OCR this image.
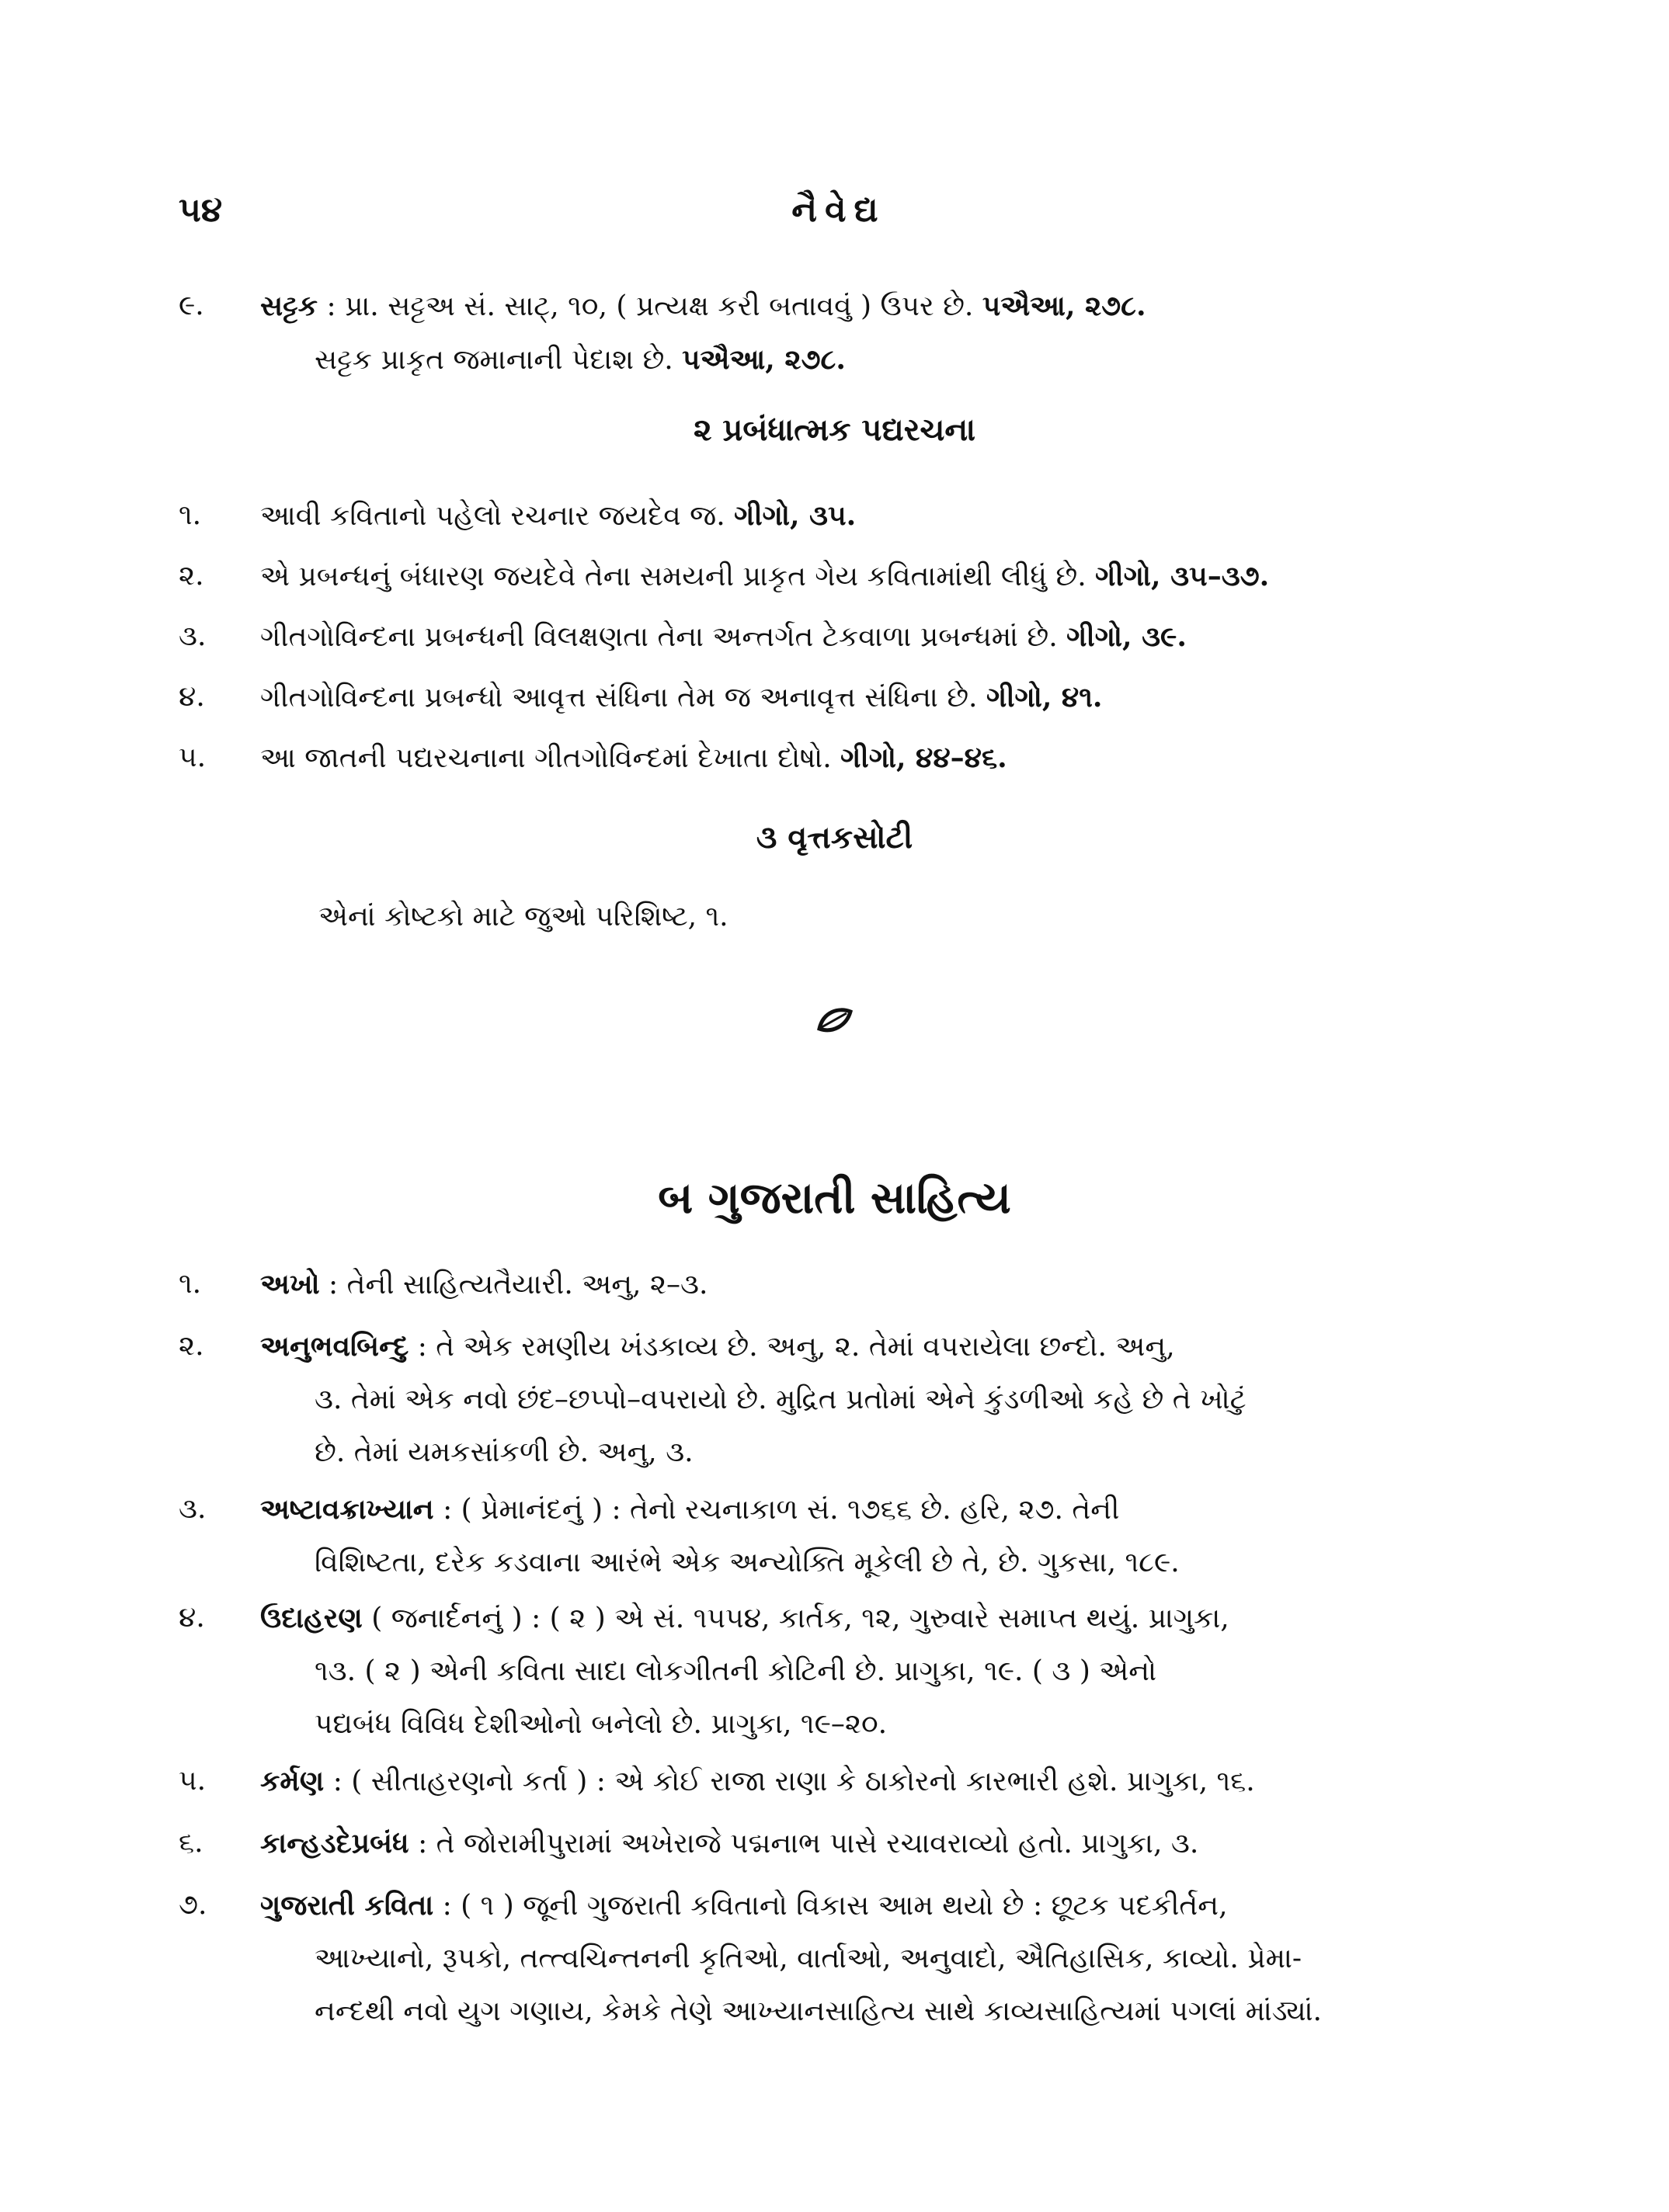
૫૪	નૈવેદ્ય
૯.	સટ્ટક : પ્રા. સટ્ટઅ સં. સાટ્, ૧૦, ( પ્રત્યક્ષ કરી બતાવવું ) ઉપર છે. પઐઆ, ૨૭૮.
સટ્ટક પ્રાકૃત જમાનાની પેદાશ છે. પઐઆ, ૨૭૮.
૨ પ્રબંધાત્મક પદ્યરચના
૧.	આવી કવિતાનો પહેલો રચનાર જયદેવ જ. ગીગો, ૩૫.
૨.	એ પ્રબન્ધનું બંધારણ જયદેવે તેના સમયની પ્રાકૃત ગેય કવિતામાંથી લીધું છે. ગીગો, ૩૫–૩૭.
૩.	ગીતગોવિન્દના પ્રબન્ધની વિલક્ષણતા તેના અન્તર્ગત ટેકવાળા પ્રબન્ધમાં છે. ગીગો, ૩૯.
૪.	ગીતગોવિન્દના પ્રબન્ધો આવૃત્ત સંધિના તેમ જ અનાવૃત્ત સંધિના છે. ગીગો, ૪૧.
૫.	આ જાતની પદ્યરચનાના ગીતગોવિન્દમાં દેખાતા દોષો. ગીગો, ૪૪–૪૬.
૩ વૃત્તકસોટી
એનાં કોષ્ટકો માટે જુઓ પરિશિષ્ટ, ૧.
બ ગુજરાતી સાહિત્ય
૧.	અખો : તેની સાહિત્યતૈયારી. અનુ, ૨–૩.
૨.	અનુભવબિન્દુ : તે એક રમણીય ખંડકાવ્ય છે. અનુ, ૨. તેમાં વપરાયેલા છન્દો. અનુ,
૩. તેમાં એક નવો છંદ–છપ્પો–વપરાયો છે. મુદ્રિત પ્રતોમાં એને કુંડળીઓ કહે છે તે ખોટું
છે. તેમાં યમકસાંકળી છે. અનુ, ૩.
૩.	અષ્ટાવક્રાખ્યાન : ( પ્રેમાનંદનું ) : તેનો રચનાકાળ સં. ૧૭૬૬ છે. હરિ, ૨૭. તેની
વિશિષ્ટતા, દરેક કડવાના આરંભે એક અન્યોક્તિ મૂકેલી છે તે, છે. ગુકસા, ૧૮૯.
૪.	ઉદાહરણ ( જનાર્દનનું ) : ( ૨ ) એ સં. ૧૫૫૪, કાર્તક, ૧૨, ગુરુવારે સમાપ્ત થયું. પ્રાગુકા,
૧૩. ( ૨ ) એની કવિતા સાદા લોકગીતની કોટિની છે. પ્રાગુકા, ૧૯. ( ૩ ) એનો
પદ્યબંધ વિવિધ દેશીઓનો બનેલો છે. પ્રાગુકા, ૧૯–૨૦.
૫.	કર્મણ : ( સીતાહરણનો કર્તા ) : એ કોઈ રાજા રાણા કે ઠાકોરનો કારભારી હશે. પ્રાગુકા, ૧૬.
૬.	કાન્હડદેપ્રબંધ : તે જોરામીપુરામાં અખેરાજે પદ્મનાભ પાસે રચાવરાવ્યો હતો. પ્રાગુકા, ૩.
૭.	ગુજરાતી કવિતા : ( ૧ ) જૂની ગુજરાતી કવિતાનો વિકાસ આમ થયો છે : છૂટક પદકીર્તન,
આખ્યાનો, રૂપકો, તત્ત્વચિન્તનની કૃતિઓ, વાર્તાઓ, અનુવાદો, ઐતિહાસિક, કાવ્યો. પ્રેમા-
નન્દથી નવો યુગ ગણાય, કેમકે તેણે આખ્યાનસાહિત્ય સાથે કાવ્યસાહિત્યમાં પગલાં માંડ્યાં.
